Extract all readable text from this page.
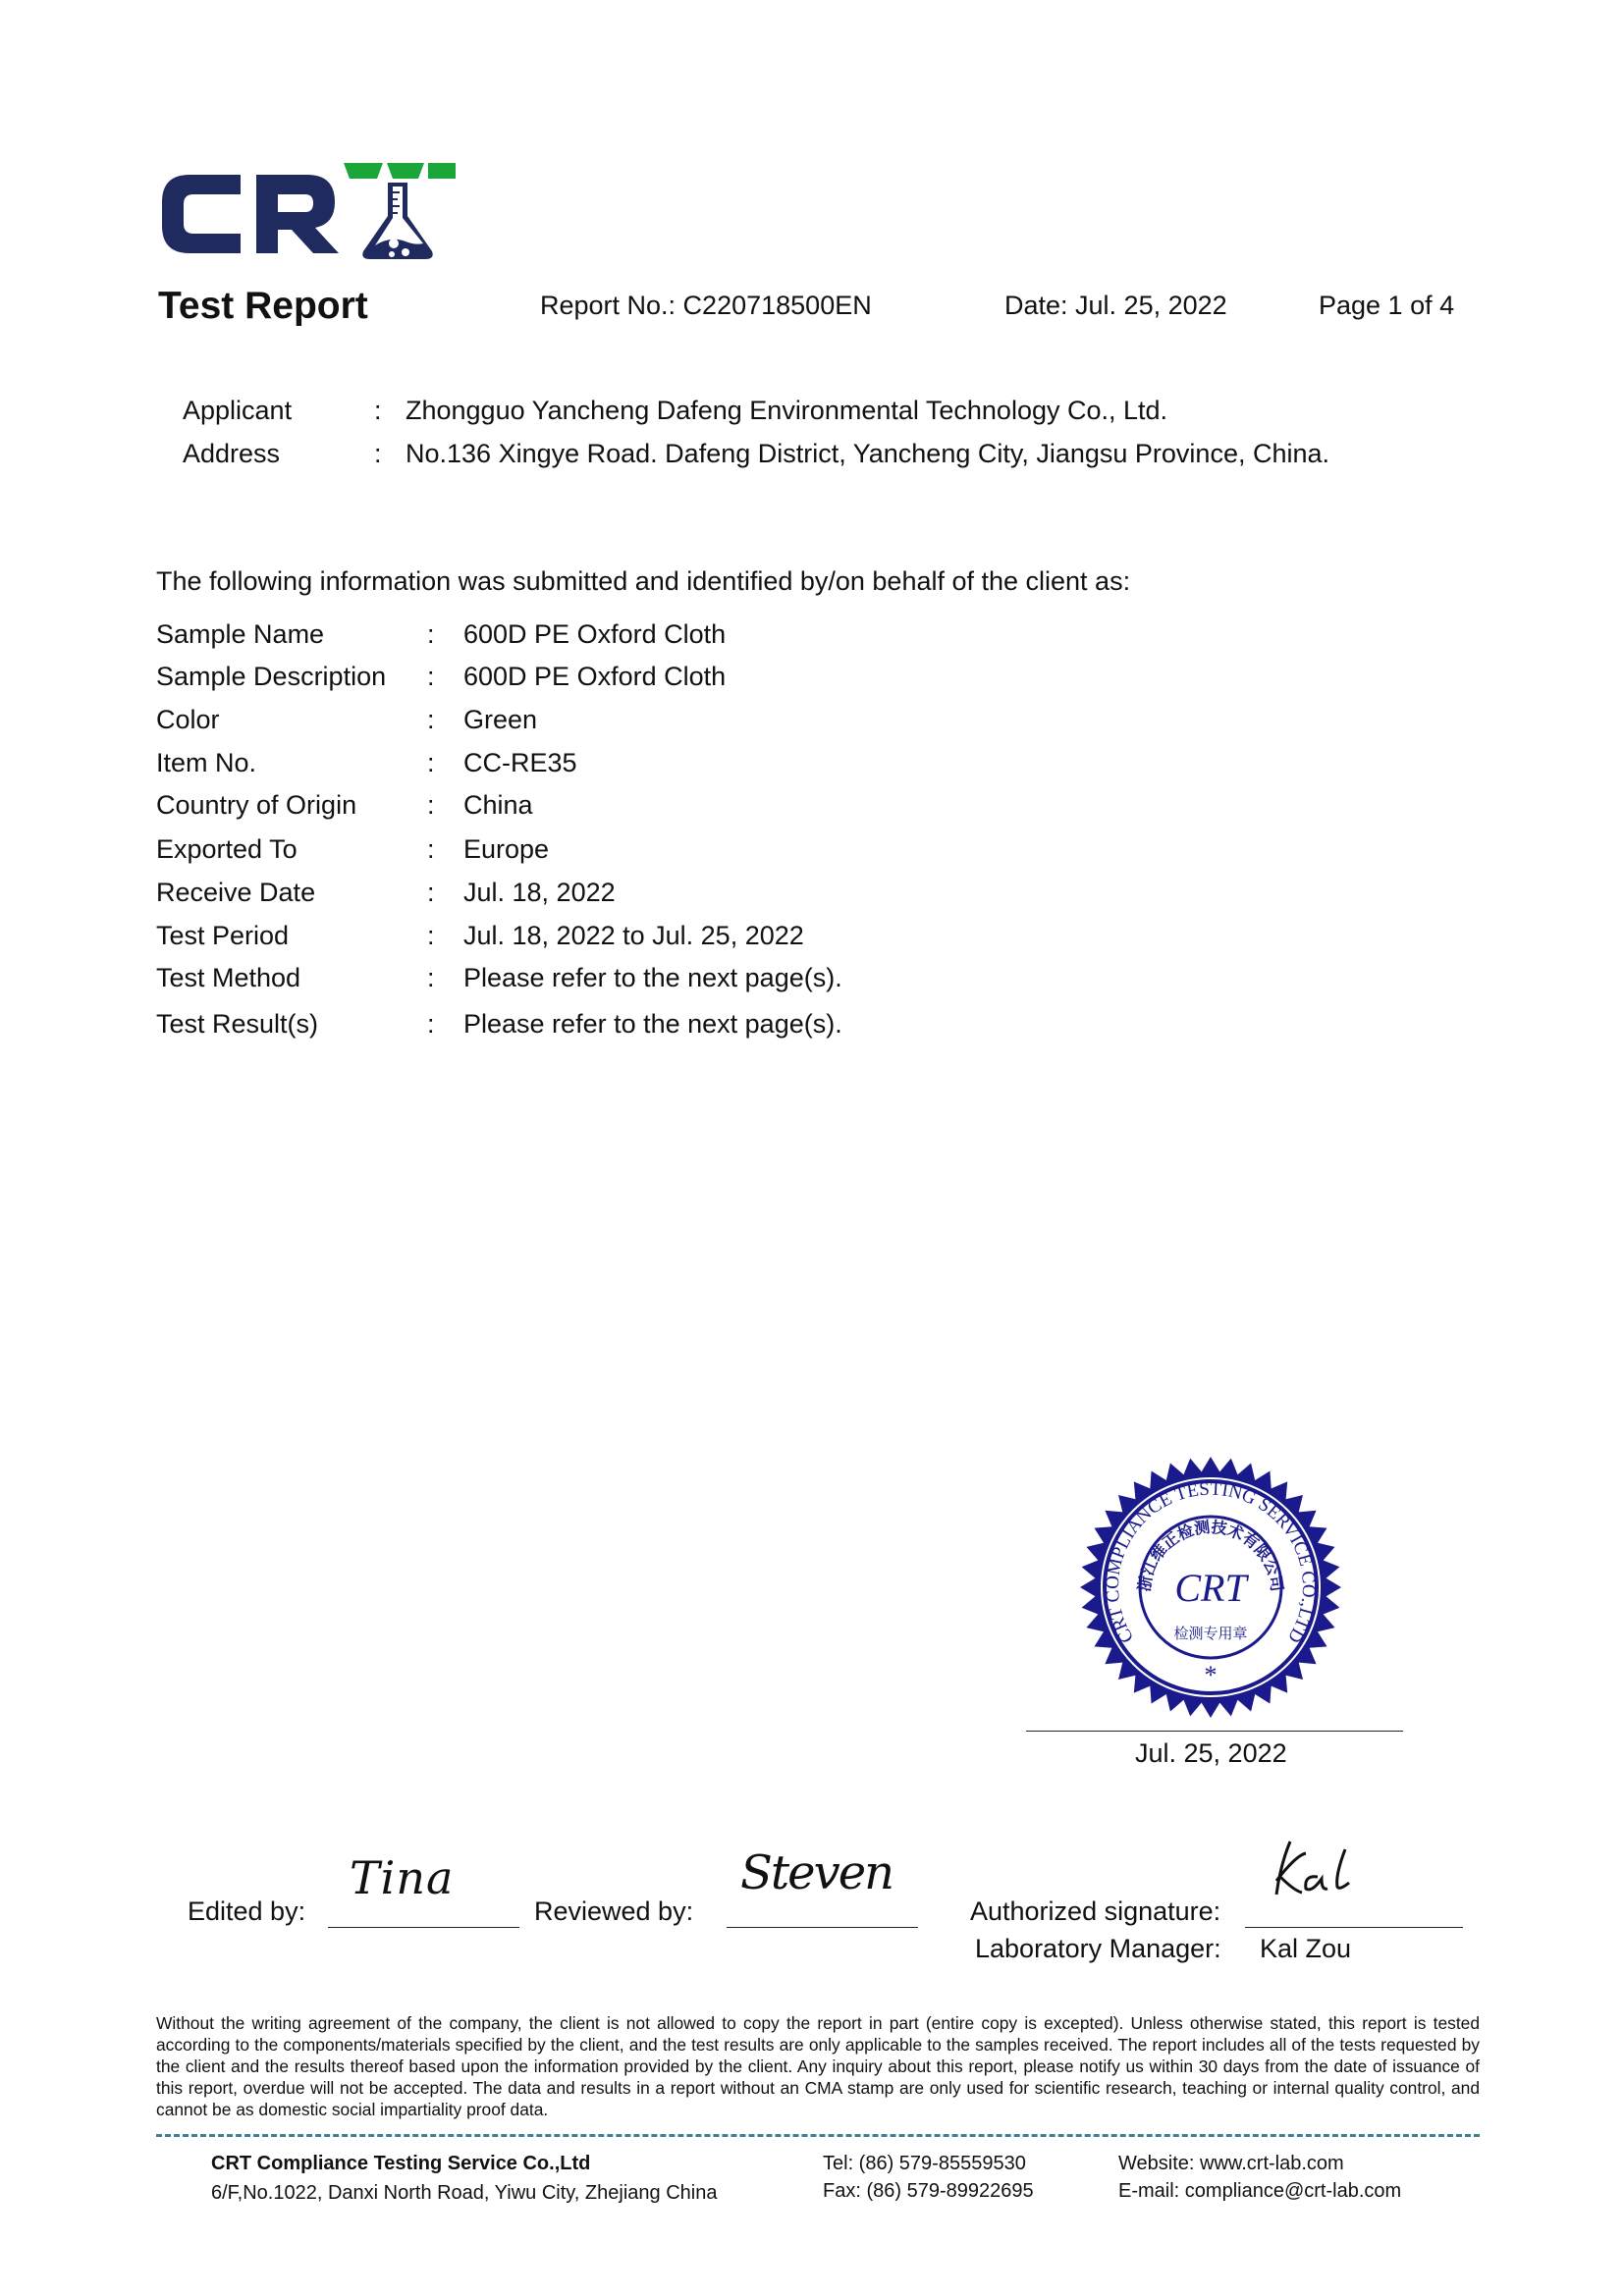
Test Report	Report No.: C220718500EN	Date: Jul. 25, 2022	Page 1 of 4
Applicant	: Zhongguo Yancheng Dafeng Environmental Technology Co., Ltd.
Address	: No.136 Xingye Road. Dafeng District, Yancheng City, Jiangsu Province, China.
The following information was submitted and identified by/on behalf of the client as:
Sample Name	: 600D PE Oxford Cloth
Sample Description : 600D PE Oxford Cloth
Color	: Green
Item No.	: CC-RE35
Country of Origin	: China
Exported To	: Europe
Receive Date	: Jul. 18, 2022
Test Period	: Jul. 18, 2022 to Jul. 25, 2022
Test Method	: Please refer to the next page(s).
Test Result(s)	: Please refer to the next page(s).
CRT COMPLIANCE TESTING SERVICE CO.,LTD
浙江维正检测技术有限公司
CRT
检测专用章
*
Jul. 25, 2022
Edited by:
Tina
Reviewed by:
Steven
Authorized signature:
Laboratory Manager: Kal Zou
Without the writing agreement of the company, the client is not allowed to copy the report in part (entire copy is excepted). Unless otherwise stated, this report is tested according to the components/materials specified by the client, and the test results are only applicable to the samples received. The report includes all of the tests requested by the client and the results thereof based upon the information provided by the client. Any inquiry about this report, please notify us within 30 days from the date of issuance of this report, overdue will not be accepted. The data and results in a report without an CMA stamp are only used for scientific research, teaching or internal quality control, and cannot be as domestic social impartiality proof data.
CRT Compliance Testing Service Co.,Ltd
6/F,No.1022, Danxi North Road, Yiwu City, Zhejiang China
Tel: (86) 579-85559530
Fax: (86) 579-89922695
Website: www.crt-lab.com
E-mail: compliance@crt-lab.com
